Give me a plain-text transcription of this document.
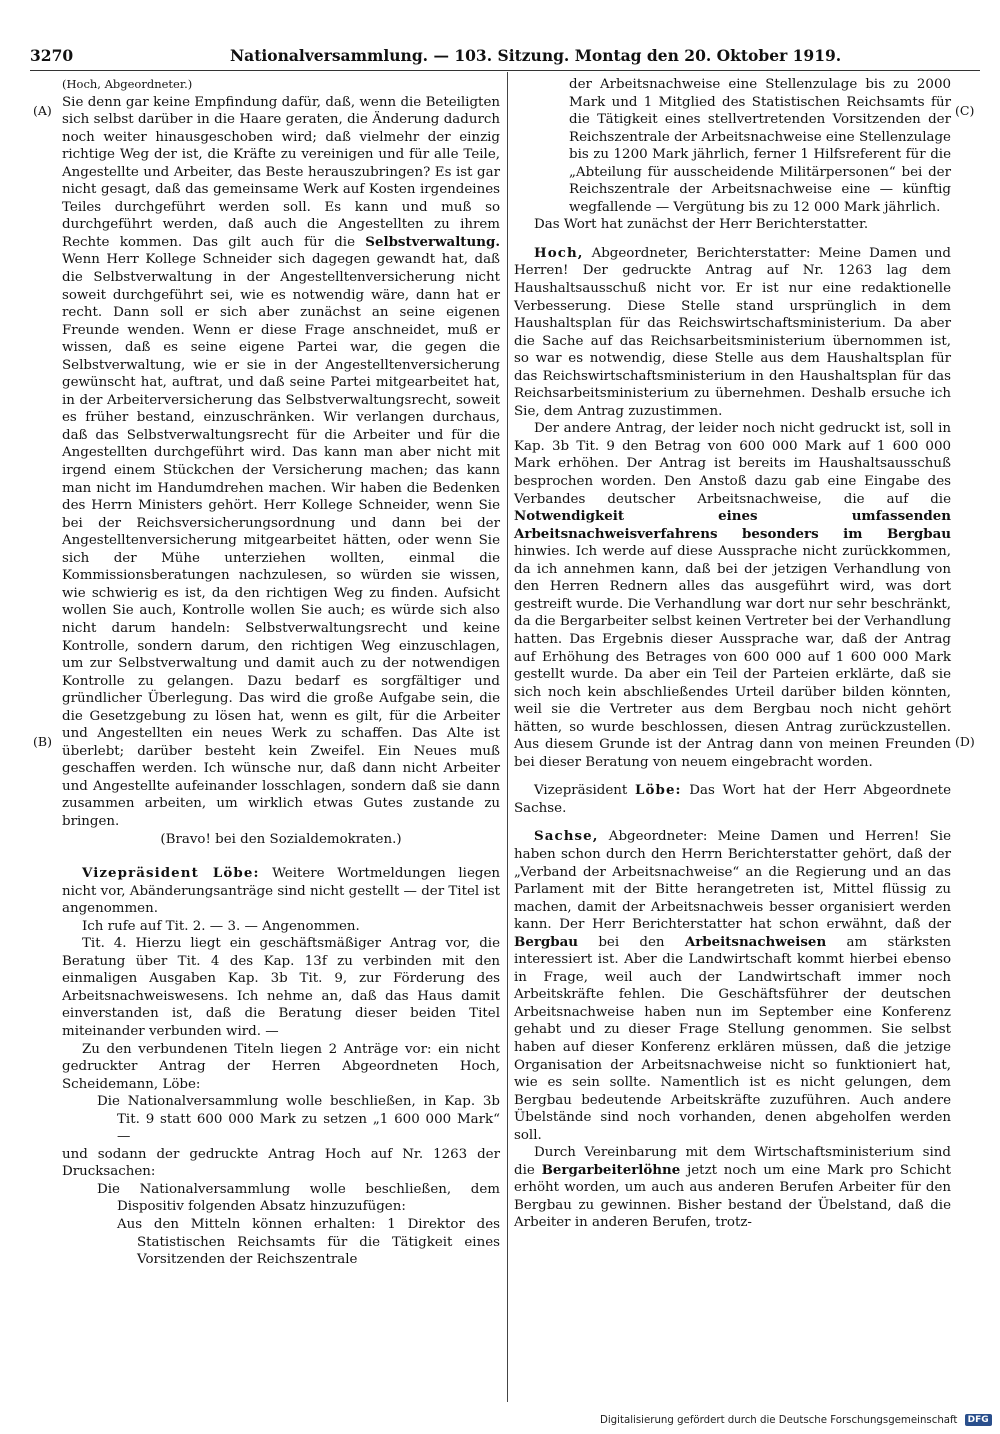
3270	Nationalversammlung. — 103. Sitzung. Montag den 20. Oktober 1919.
(A)
(B)
(C)
(D)

(Hoch, Abgeordneter.)

Sie denn gar keine Empfindung dafür, daß, wenn die Beteiligten sich selbst darüber in die Haare geraten, die Änderung dadurch noch weiter hinausgeschoben wird; daß vielmehr der einzig richtige Weg der ist, die Kräfte zu vereinigen und für alle Teile, Angestellte und Arbeiter, das Beste herauszubringen? Es ist gar nicht gesagt, daß das gemeinsame Werk auf Kosten irgendeines Teiles durchgeführt werden soll. Es kann und muß so durchgeführt werden, daß auch die Angestellten zu ihrem Rechte kommen. Das gilt auch für die Selbstverwaltung. Wenn Herr Kollege Schneider sich dagegen gewandt hat, daß die Selbstverwaltung in der Angestelltenversicherung nicht soweit durchgeführt sei, wie es notwendig wäre, dann hat er recht. Dann soll er sich aber zunächst an seine eigenen Freunde wenden. Wenn er diese Frage anschneidet, muß er wissen, daß es seine eigene Partei war, die gegen die Selbstverwaltung, wie er sie in der Angestelltenversicherung gewünscht hat, auftrat, und daß seine Partei mitgearbeitet hat, in der Arbeiterversicherung das Selbstverwaltungsrecht, soweit es früher bestand, einzuschränken. Wir verlangen durchaus, daß das Selbstverwaltungsrecht für die Arbeiter und für die Angestellten durchgeführt wird. Das kann man aber nicht mit irgend einem Stückchen der Versicherung machen; das kann man nicht im Handumdrehen machen. Wir haben die Bedenken des Herrn Ministers gehört. Herr Kollege Schneider, wenn Sie bei der Reichsversicherungsordnung und dann bei der Angestelltenversicherung mitgearbeitet hätten, oder wenn Sie sich der Mühe unterziehen wollten, einmal die Kommissionsberatungen nachzulesen, so würden sie wissen, wie schwierig es ist, da den richtigen Weg zu finden. Aufsicht wollen Sie auch, Kontrolle wollen Sie auch; es würde sich also nicht darum handeln: Selbstverwaltungsrecht und keine Kontrolle, sondern darum, den richtigen Weg einzuschlagen, um zur Selbstverwaltung und damit auch zu der notwendigen Kontrolle zu gelangen. Dazu bedarf es sorgfältiger und gründlicher Überlegung. Das wird die große Aufgabe sein, die die Gesetzgebung zu lösen hat, wenn es gilt, für die Arbeiter und Angestellten ein neues Werk zu schaffen. Das Alte ist überlebt; darüber besteht kein Zweifel. Ein Neues muß geschaffen werden. Ich wünsche nur, daß dann nicht Arbeiter und Angestellte aufeinander losschlagen, sondern daß sie dann zusammen arbeiten, um wirklich etwas Gutes zustande zu bringen.

(Bravo! bei den Sozialdemokraten.)

Vizepräsident Löbe: Weitere Wortmeldungen liegen nicht vor, Abänderungsanträge sind nicht gestellt — der Titel ist angenommen.

Ich rufe auf Tit. 2. — 3. — Angenommen.

Tit. 4. Hierzu liegt ein geschäftsmäßiger Antrag vor, die Beratung über Tit. 4 des Kap. 13f zu verbinden mit den einmaligen Ausgaben Kap. 3b Tit. 9, zur Förderung des Arbeitsnachweiswesens. Ich nehme an, daß das Haus damit einverstanden ist, daß die Beratung dieser beiden Titel miteinander verbunden wird. —

Zu den verbundenen Titeln liegen 2 Anträge vor: ein nicht gedruckter Antrag der Herren Abgeordneten Hoch, Scheidemann, Löbe:

Die Nationalversammlung wolle beschließen, in Kap. 3b Tit. 9 statt 600 000 Mark zu setzen „1 600 000 Mark“ —

und sodann der gedruckte Antrag Hoch auf Nr. 1263 der Drucksachen:

Die Nationalversammlung wolle beschließen, dem Dispositiv folgenden Absatz hinzuzufügen:

Aus den Mitteln können erhalten: 1 Direktor des Statistischen Reichsamts für die Tätigkeit eines Vorsitzenden der Reichszentrale

der Arbeitsnachweise eine Stellenzulage bis zu 2000 Mark und 1 Mitglied des Statistischen Reichsamts für die Tätigkeit eines stellvertretenden Vorsitzenden der Reichszentrale der Arbeitsnachweise eine Stellenzulage bis zu 1200 Mark jährlich, ferner 1 Hilfsreferent für die „Abteilung für ausscheidende Militärpersonen“ bei der Reichszentrale der Arbeitsnachweise eine — künftig wegfallende — Vergütung bis zu 12 000 Mark jährlich.

Das Wort hat zunächst der Herr Berichterstatter.

Hoch, Abgeordneter, Berichterstatter: Meine Damen und Herren! Der gedruckte Antrag auf Nr. 1263 lag dem Haushaltsausschuß nicht vor. Er ist nur eine redaktionelle Verbesserung. Diese Stelle stand ursprünglich in dem Haushaltsplan für das Reichswirtschaftsministerium. Da aber die Sache auf das Reichsarbeitsministerium übernommen ist, so war es notwendig, diese Stelle aus dem Haushaltsplan für das Reichswirtschaftsministerium in den Haushaltsplan für das Reichsarbeitsministerium zu übernehmen. Deshalb ersuche ich Sie, dem Antrag zuzustimmen.

Der andere Antrag, der leider noch nicht gedruckt ist, soll in Kap. 3b Tit. 9 den Betrag von 600 000 Mark auf 1 600 000 Mark erhöhen. Der Antrag ist bereits im Haushaltsausschuß besprochen worden. Den Anstoß dazu gab eine Eingabe des Verbandes deutscher Arbeitsnachweise, die auf die Notwendigkeit eines umfassenden Arbeitsnachweisverfahrens besonders im Bergbau hinwies. Ich werde auf diese Aussprache nicht zurückkommen, da ich annehmen kann, daß bei der jetzigen Verhandlung von den Herren Rednern alles das ausgeführt wird, was dort gestreift wurde. Die Verhandlung war dort nur sehr beschränkt, da die Bergarbeiter selbst keinen Vertreter bei der Verhandlung hatten. Das Ergebnis dieser Aussprache war, daß der Antrag auf Erhöhung des Betrages von 600 000 auf 1 600 000 Mark gestellt wurde. Da aber ein Teil der Parteien erklärte, daß sie sich noch kein abschließendes Urteil darüber bilden könnten, weil sie die Vertreter aus dem Bergbau noch nicht gehört hätten, so wurde beschlossen, diesen Antrag zurückzustellen. Aus diesem Grunde ist der Antrag dann von meinen Freunden bei dieser Beratung von neuem eingebracht worden.

Vizepräsident Löbe: Das Wort hat der Herr Abgeordnete Sachse.

Sachse, Abgeordneter: Meine Damen und Herren! Sie haben schon durch den Herrn Berichterstatter gehört, daß der „Verband der Arbeitsnachweise“ an die Regierung und an das Parlament mit der Bitte herangetreten ist, Mittel flüssig zu machen, damit der Arbeitsnachweis besser organisiert werden kann. Der Herr Berichterstatter hat schon erwähnt, daß der Bergbau bei den Arbeitsnachweisen am stärksten interessiert ist. Aber die Landwirtschaft kommt hierbei ebenso in Frage, weil auch der Landwirtschaft immer noch Arbeitskräfte fehlen. Die Geschäftsführer der deutschen Arbeitsnachweise haben nun im September eine Konferenz gehabt und zu dieser Frage Stellung genommen. Sie selbst haben auf dieser Konferenz erklären müssen, daß die jetzige Organisation der Arbeitsnachweise nicht so funktioniert hat, wie es sein sollte. Namentlich ist es nicht gelungen, dem Bergbau bedeutende Arbeitskräfte zuzuführen. Auch andere Übelstände sind noch vorhanden, denen abgeholfen werden soll.

Durch Vereinbarung mit dem Wirtschaftsministerium sind die Bergarbeiterlöhne jetzt noch um eine Mark pro Schicht erhöht worden, um auch aus anderen Berufen Arbeiter für den Bergbau zu gewinnen. Bisher bestand der Übelstand, daß die Arbeiter in anderen Berufen, trotz-

Digitalisierung gefördert durch die Deutsche Forschungsgemeinschaft DFG
